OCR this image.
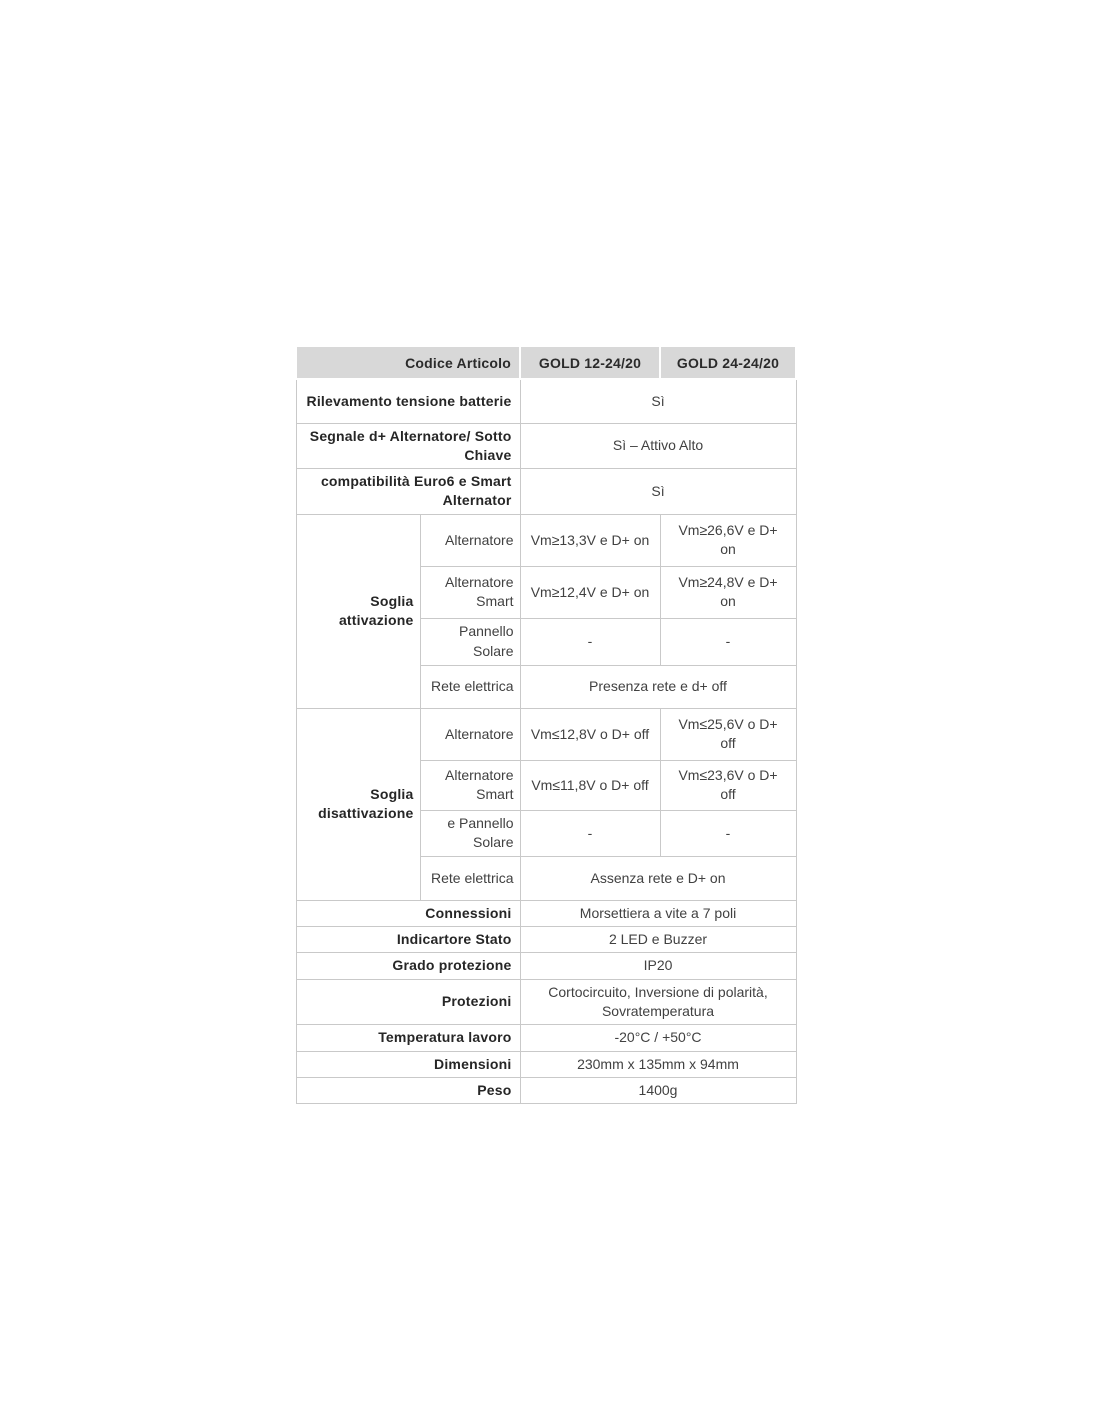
Codice Articolo		GOLD 12-24/20	GOLD 24-24/20
Rilevamento tensione batterie		Sì	
Segnale d+ Alternatore/ Sotto Chiave		Sì – Attivo Alto	
compatibilità Euro6 e Smart Alternator		Sì	
Soglia attivazione	Alternatore	Vm≥13,3V e D+ on	Vm≥26,6V e D+ on
	Alternatore Smart	Vm≥12,4V e D+ on	Vm≥24,8V e D+ on
	Pannello Solare	-	-
	Rete elettrica	Presenza rete e d+ off	
Soglia disattivazione	Alternatore	Vm≤12,8V o D+ off	Vm≤25,6V o D+ off
	Alternatore Smart	Vm≤11,8V o D+ off	Vm≤23,6V o D+ off
	e Pannello Solare	-	-
	Rete elettrica	Assenza rete e D+ on	
Connessioni		Morsettiera a vite a 7 poli	
Indicartore Stato		2 LED e Buzzer	
Grado protezione		IP20	
Protezioni		Cortocircuito, Inversione di polarità, Sovratemperatura	
Temperatura lavoro		-20°C / +50°C	
Dimensioni		230mm x 135mm x 94mm	
Peso		1400g	
